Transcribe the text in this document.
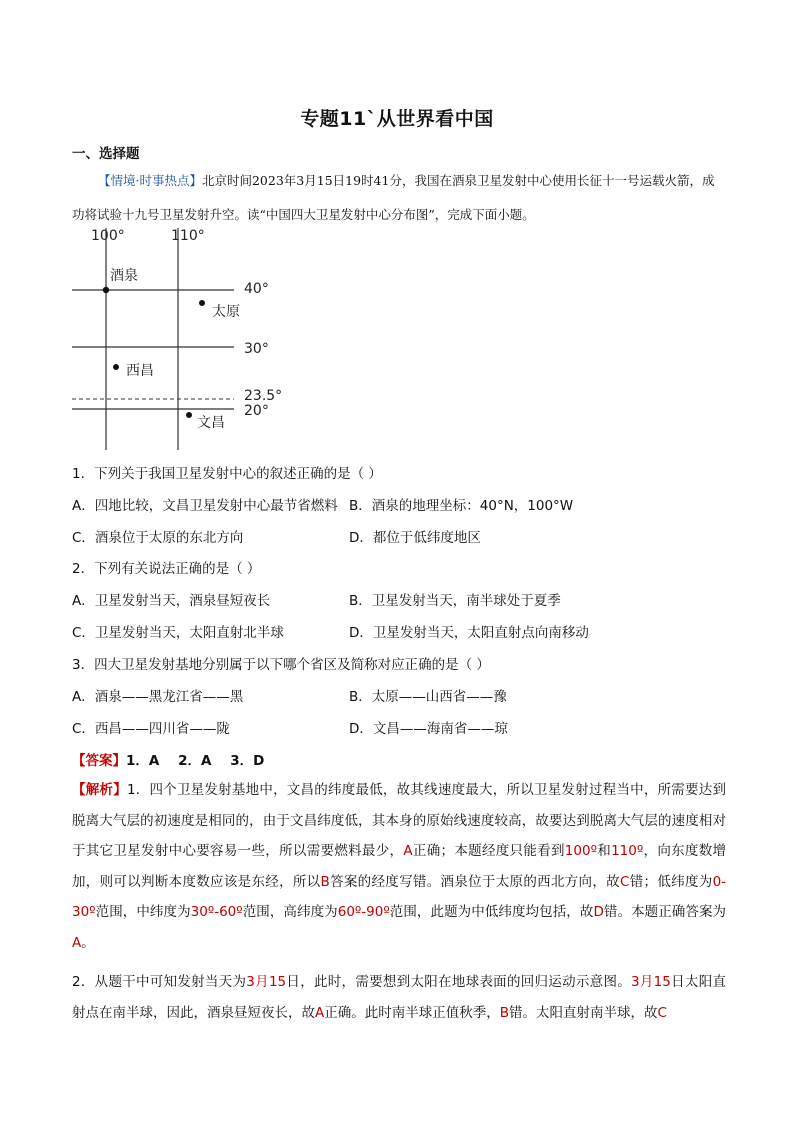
专题11`从世界看中国
一、选择题
【情境·时事热点】北京时间2023年3月15日19时41分，我国在酒泉卫星发射中心使用长征十一号运载火箭，成功将试验十九号卫星发射升空。读“中国四大卫星发射中心分布图”，完成下面小题。
100°	110°
40°
30°
23.5°
20°
酒泉
太原
西昌
文昌
1．下列关于我国卫星发射中心的叙述正确的是（ ）
A．四地比较，文昌卫星发射中心最节省燃料 B．酒泉的地理坐标：40°N，100°W
C．酒泉位于太原的东北方向	D．都位于低纬度地区
2．下列有关说法正确的是（ ）
A．卫星发射当天，酒泉昼短夜长	B．卫星发射当天，南半球处于夏季
C．卫星发射当天，太阳直射北半球	D．卫星发射当天，太阳直射点向南移动
3．四大卫星发射基地分别属于以下哪个省区及简称对应正确的是（ ）
A．酒泉——黑龙江省——黑	B．太原——山西省——豫
C．西昌——四川省——陇	D．文昌——海南省——琼
【答案】1．A    2．A    3．D
【解析】1．四个卫星发射基地中，文昌的纬度最低，故其线速度最大，所以卫星发射过程当中，所需要达到脱离大气层的初速度是相同的，由于文昌纬度低，其本身的原始线速度较高，故要达到脱离大气层的速度相对于其它卫星发射中心要容易一些，所以需要燃料最少，A正确；本题经度只能看到100º和110º，向东度数增加，则可以判断本度数应该是东经，所以B答案的经度写错。酒泉位于太原的西北方向，故C错；低纬度为0-30º范围，中纬度为30º-60º范围，高纬度为60º-90º范围，此题为中低纬度均包括，故D错。本题正确答案为A。
2．从题干中可知发射当天为3月15日，此时，需要想到太阳在地球表面的回归运动示意图。3月15日太阳直射点在南半球，因此，酒泉昼短夜长，故A正确。此时南半球正值秋季，B错。太阳直射南半球，故C
